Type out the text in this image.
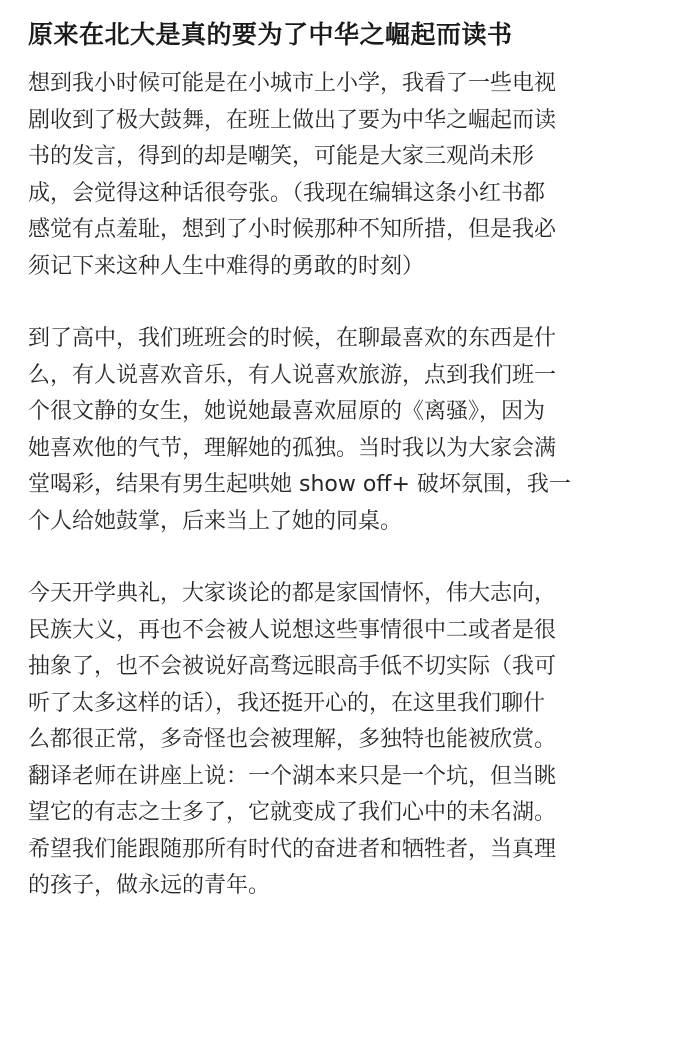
原来在北大是真的要为了中华之崛起而读书
想到我小时候可能是在小城市上小学，我看了一些电视
剧收到了极大鼓舞，在班上做出了要为中华之崛起而读
书的发言，得到的却是嘲笑，可能是大家三观尚未形
成，会觉得这种话很夸张。（我现在编辑这条小红书都
感觉有点羞耻，想到了小时候那种不知所措，但是我必
须记下来这种人生中难得的勇敢的时刻）
到了高中，我们班班会的时候，在聊最喜欢的东西是什
么，有人说喜欢音乐，有人说喜欢旅游，点到我们班一
个很文静的女生，她说她最喜欢屈原的《离骚》，因为
她喜欢他的气节，理解她的孤独。当时我以为大家会满
堂喝彩，结果有男生起哄她 show off+ 破坏氛围，我一
个人给她鼓掌，后来当上了她的同桌。
今天开学典礼，大家谈论的都是家国情怀，伟大志向，
民族大义，再也不会被人说想这些事情很中二或者是很
抽象了，也不会被说好高骛远眼高手低不切实际（我可
听了太多这样的话），我还挺开心的，在这里我们聊什
么都很正常，多奇怪也会被理解，多独特也能被欣赏。
翻译老师在讲座上说：一个湖本来只是一个坑，但当眺
望它的有志之士多了，它就变成了我们心中的未名湖。
希望我们能跟随那所有时代的奋进者和牺牲者，当真理
的孩子，做永远的青年。
